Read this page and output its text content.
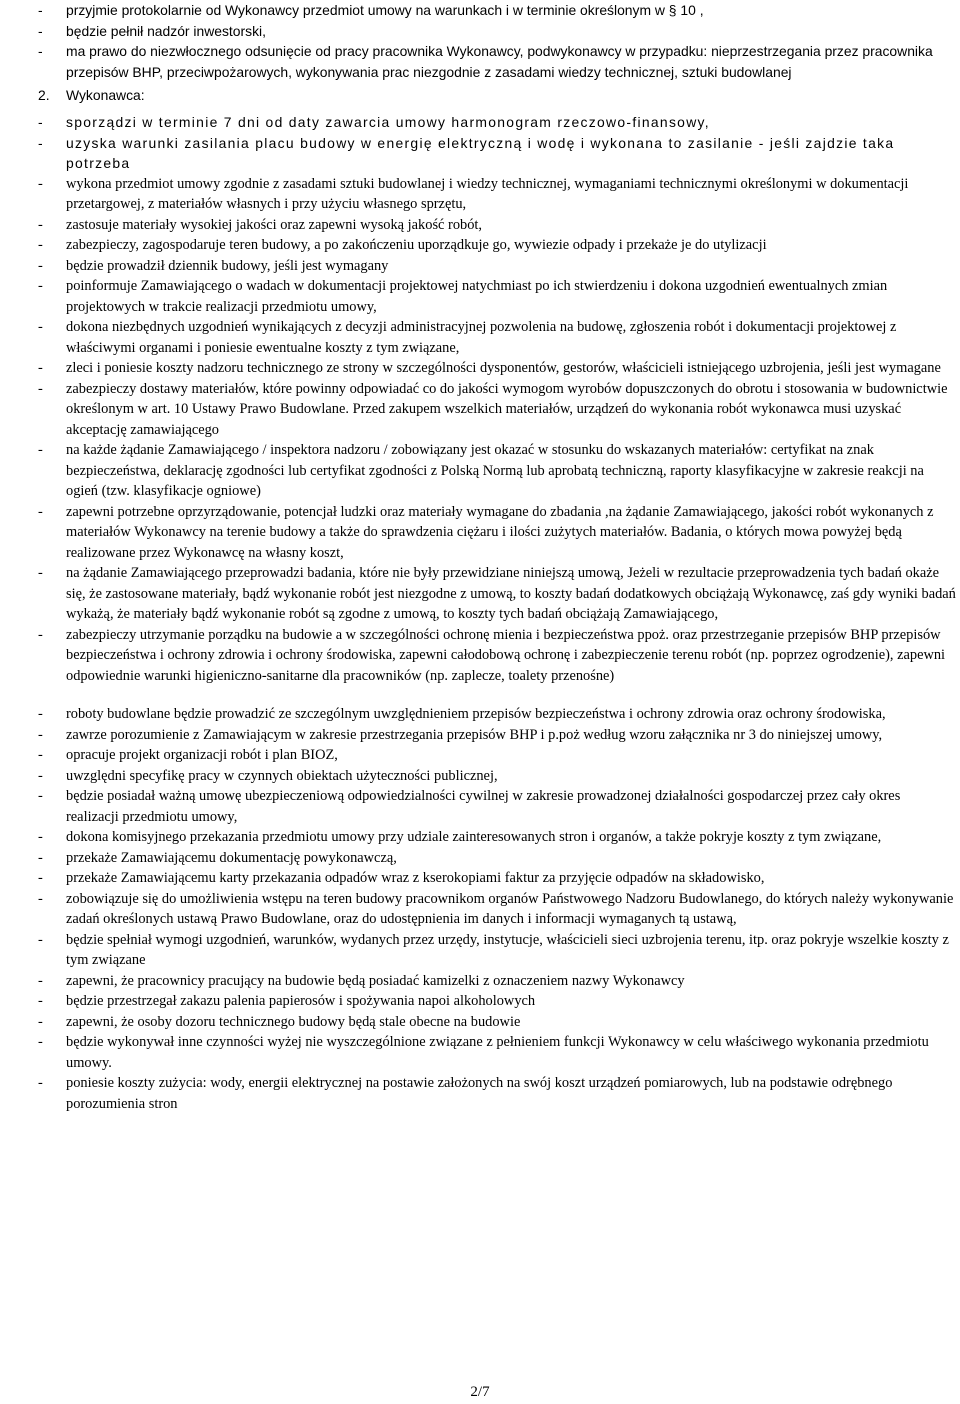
- przyjmie protokolarnie od Wykonawcy przedmiot umowy na warunkach i w terminie określonym w § 10 ,
- będzie pełnił nadzór inwestorski,
- ma prawo do niezwłocznego odsunięcie od pracy pracownika Wykonawcy, podwykonawcy w przypadku: nieprzestrzegania przez pracownika przepisów BHP, przeciwpożarowych, wykonywania prac niezgodnie z zasadami wiedzy technicznej, sztuki budowlanej
2. Wykonawca:
- sporządzi w terminie 7 dni od daty zawarcia umowy harmonogram rzeczowo-finansowy,
- uzyska warunki zasilania placu budowy w energię elektryczną i wodę i wykonana to zasilanie - jeśli zajdzie taka potrzeba
- wykona przedmiot umowy zgodnie z zasadami sztuki budowlanej i wiedzy technicznej, wymaganiami technicznymi określonymi w dokumentacji przetargowej, z materiałów własnych i przy użyciu własnego sprzętu,
- zastosuje materiały wysokiej jakości oraz zapewni wysoką jakość robót,
- zabezpieczy, zagospodaruje teren budowy, a po zakończeniu uporządkuje go, wywiezie odpady i przekaże je do utylizacji
- będzie prowadził dziennik budowy, jeśli jest wymagany
- poinformuje Zamawiającego o wadach w dokumentacji projektowej natychmiast po ich stwierdzeniu i dokona uzgodnień ewentualnych zmian projektowych w trakcie realizacji przedmiotu umowy,
- dokona niezbędnych uzgodnień wynikających z decyzji administracyjnej pozwolenia na budowę, zgłoszenia robót i dokumentacji projektowej z właściwymi organami i poniesie ewentualne koszty z tym związane,
- zleci i poniesie koszty nadzoru technicznego ze strony w szczególności dysponentów, gestorów, właścicieli istniejącego uzbrojenia, jeśli jest wymagane
- zabezpieczy dostawy materiałów, które powinny odpowiadać co do jakości wymogom wyrobów dopuszczonych do obrotu i stosowania w budownictwie określonym w art. 10 Ustawy Prawo Budowlane. Przed zakupem wszelkich materiałów, urządzeń do wykonania robót wykonawca musi uzyskać akceptację zamawiającego
- na każde żądanie Zamawiającego / inspektora nadzoru / zobowiązany jest okazać w stosunku do wskazanych materiałów: certyfikat na znak bezpieczeństwa, deklarację zgodności lub certyfikat zgodności z Polską Normą lub aprobatą techniczną, raporty klasyfikacyjne w zakresie reakcji na ogień (tzw. klasyfikacje ogniowe)
- zapewni potrzebne oprzyrządowanie, potencjał ludzki oraz materiały wymagane do zbadania ,na żądanie Zamawiającego, jakości robót wykonanych z materiałów Wykonawcy na terenie budowy a także do sprawdzenia ciężaru i ilości zużytych materiałów. Badania, o których mowa powyżej będą realizowane przez Wykonawcę na własny koszt,
- na żądanie Zamawiającego przeprowadzi badania, które nie były przewidziane niniejszą umową, Jeżeli w rezultacie przeprowadzenia tych badań okaże się, że zastosowane materiały, bądź wykonanie robót jest niezgodne z umową, to koszty badań dodatkowych obciążają Wykonawcę, zaś gdy wyniki badań wykażą, że materiały bądź wykonanie robót są zgodne z umową, to koszty tych badań obciążają Zamawiającego,
- zabezpieczy utrzymanie porządku na budowie a w szczególności ochronę mienia i bezpieczeństwa ppoż. oraz przestrzeganie przepisów BHP przepisów bezpieczeństwa i ochrony zdrowia i ochrony środowiska, zapewni całodobową ochronę i zabezpieczenie terenu robót (np. poprzez ogrodzenie), zapewni odpowiednie warunki higieniczno-sanitarne dla pracowników (np. zaplecze, toalety przenośne)
- roboty budowlane będzie prowadzić ze szczególnym uwzględnieniem przepisów bezpieczeństwa i ochrony zdrowia oraz ochrony środowiska,
- zawrze porozumienie z Zamawiającym w zakresie przestrzegania przepisów BHP i p.poż według wzoru załącznika nr 3 do niniejszej umowy,
- opracuje projekt organizacji robót i plan BIOZ,
- uwzględni specyfikę pracy w czynnych obiektach użyteczności publicznej,
- będzie posiadał ważną umowę ubezpieczeniową odpowiedzialności cywilnej w zakresie prowadzonej działalności gospodarczej przez cały okres realizacji przedmiotu umowy,
- dokona komisyjnego przekazania przedmiotu umowy przy udziale zainteresowanych stron i organów, a także pokryje koszty z tym związane,
- przekaże Zamawiającemu dokumentację powykonawczą,
- przekaże Zamawiającemu karty przekazania odpadów wraz z kserokopiami faktur za przyjęcie odpadów na składowisko,
- zobowiązuje się do umożliwienia wstępu na teren budowy pracownikom organów Państwowego Nadzoru Budowlanego, do których należy wykonywanie zadań określonych ustawą Prawo Budowlane, oraz do udostępnienia im danych i informacji wymaganych tą ustawą,
- będzie spełniał wymogi uzgodnień, warunków, wydanych przez urzędy, instytucje, właścicieli sieci uzbrojenia terenu, itp. oraz pokryje wszelkie koszty z tym związane
- zapewni, że pracownicy pracujący na budowie będą posiadać kamizelki z oznaczeniem nazwy Wykonawcy
- będzie przestrzegał zakazu palenia papierosów i spożywania napoi alkoholowych
- zapewni, że osoby dozoru technicznego budowy będą stale obecne na budowie
- będzie wykonywał inne czynności wyżej nie wyszczególnione związane z pełnieniem funkcji Wykonawcy w celu właściwego wykonania przedmiotu umowy.
- poniesie koszty zużycia: wody, energii elektrycznej na postawie założonych na swój koszt urządzeń pomiarowych, lub na podstawie odrębnego porozumienia stron
2/7
